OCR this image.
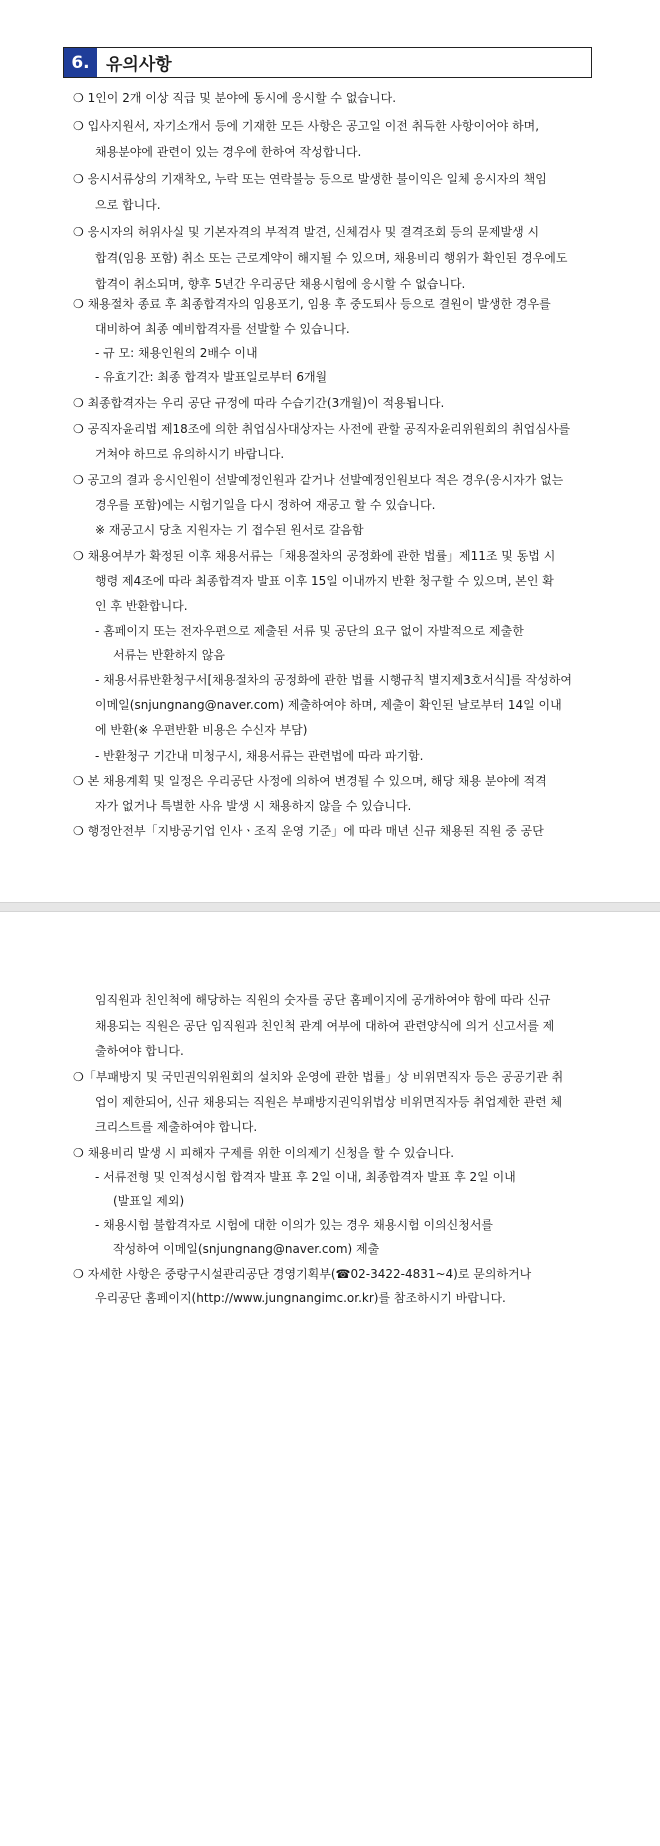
6. 유의사항
❍ 1인이 2개 이상 직급 및 분야에 동시에 응시할 수 없습니다.
❍ 입사지원서, 자기소개서 등에 기재한 모든 사항은 공고일 이전 취득한 사항이어야 하며,
채용분야에 관련이 있는 경우에 한하여 작성합니다.
❍ 응시서류상의 기재착오, 누락 또는 연락불능 등으로 발생한 불이익은 일체 응시자의 책임
으로 합니다.
❍ 응시자의 허위사실 및 기본자격의 부적격 발견, 신체검사 및 결격조회 등의 문제발생 시
합격(임용 포함) 취소 또는 근로계약이 해지될 수 있으며, 채용비리 행위가 확인된 경우에도
합격이 취소되며, 향후 5년간 우리공단 채용시험에 응시할 수 없습니다.
❍ 채용절차 종료 후 최종합격자의 임용포기, 임용 후 중도퇴사 등으로 결원이 발생한 경우를
대비하여 최종 예비합격자를 선발할 수 있습니다.
- 규 모: 채용인원의 2배수 이내
- 유효기간: 최종 합격자 발표일로부터 6개월
❍ 최종합격자는 우리 공단 규정에 따라 수습기간(3개월)이 적용됩니다.
❍ 공직자윤리법 제18조에 의한 취업심사대상자는 사전에 관할 공직자윤리위원회의 취업심사를
거쳐야 하므로 유의하시기 바랍니다.
❍ 공고의 결과 응시인원이 선발예정인원과 같거나 선발예정인원보다 적은 경우(응시자가 없는
경우를 포함)에는 시험기일을 다시 정하여 재공고 할 수 있습니다.
※ 재공고시 당초 지원자는 기 접수된 원서로 갈음함
❍ 채용여부가 확정된 이후 채용서류는「채용절차의 공정화에 관한 법률」제11조 및 동법 시
행령 제4조에 따라 최종합격자 발표 이후 15일 이내까지 반환 청구할 수 있으며, 본인 확
인 후 반환합니다.
- 홈페이지 또는 전자우편으로 제출된 서류 및 공단의 요구 없이 자발적으로 제출한
서류는 반환하지 않음
- 채용서류반환청구서[채용절차의 공정화에 관한 법률 시행규칙 별지제3호서식]를 작성하여
이메일(snjungnang@naver.com) 제출하여야 하며, 제출이 확인된 날로부터 14일 이내
에 반환(※ 우편반환 비용은 수신자 부담)
- 반환청구 기간내 미청구시, 채용서류는 관련법에 따라 파기함.
❍ 본 채용계획 및 일정은 우리공단 사정에 의하여 변경될 수 있으며, 해당 채용 분야에 적격
자가 없거나 특별한 사유 발생 시 채용하지 않을 수 있습니다.
❍ 행정안전부「지방공기업 인사ㆍ조직 운영 기준」에 따라 매년 신규 채용된 직원 중 공단
임직원과 친인척에 해당하는 직원의 숫자를 공단 홈페이지에 공개하여야 함에 따라 신규
채용되는 직원은 공단 임직원과 친인척 관계 여부에 대하여 관련양식에 의거 신고서를 제
출하여야 합니다.
❍「부패방지 및 국민권익위원회의 설치와 운영에 관한 법률」상 비위면직자 등은 공공기관 취
업이 제한되어, 신규 채용되는 직원은 부패방지권익위법상 비위면직자등 취업제한 관련 체
크리스트를 제출하여야 합니다.
❍ 채용비리 발생 시 피해자 구제를 위한 이의제기 신청을 할 수 있습니다.
- 서류전형 및 인적성시험 합격자 발표 후 2일 이내, 최종합격자 발표 후 2일 이내
(발표일 제외)
- 채용시험 불합격자로 시험에 대한 이의가 있는 경우 채용시험 이의신청서를
작성하여 이메일(snjungnang@naver.com) 제출
❍ 자세한 사항은 중랑구시설관리공단 경영기획부(☎02-3422-4831~4)로 문의하거나
우리공단 홈페이지(http://www.jungnangimc.or.kr)를 참조하시기 바랍니다.
